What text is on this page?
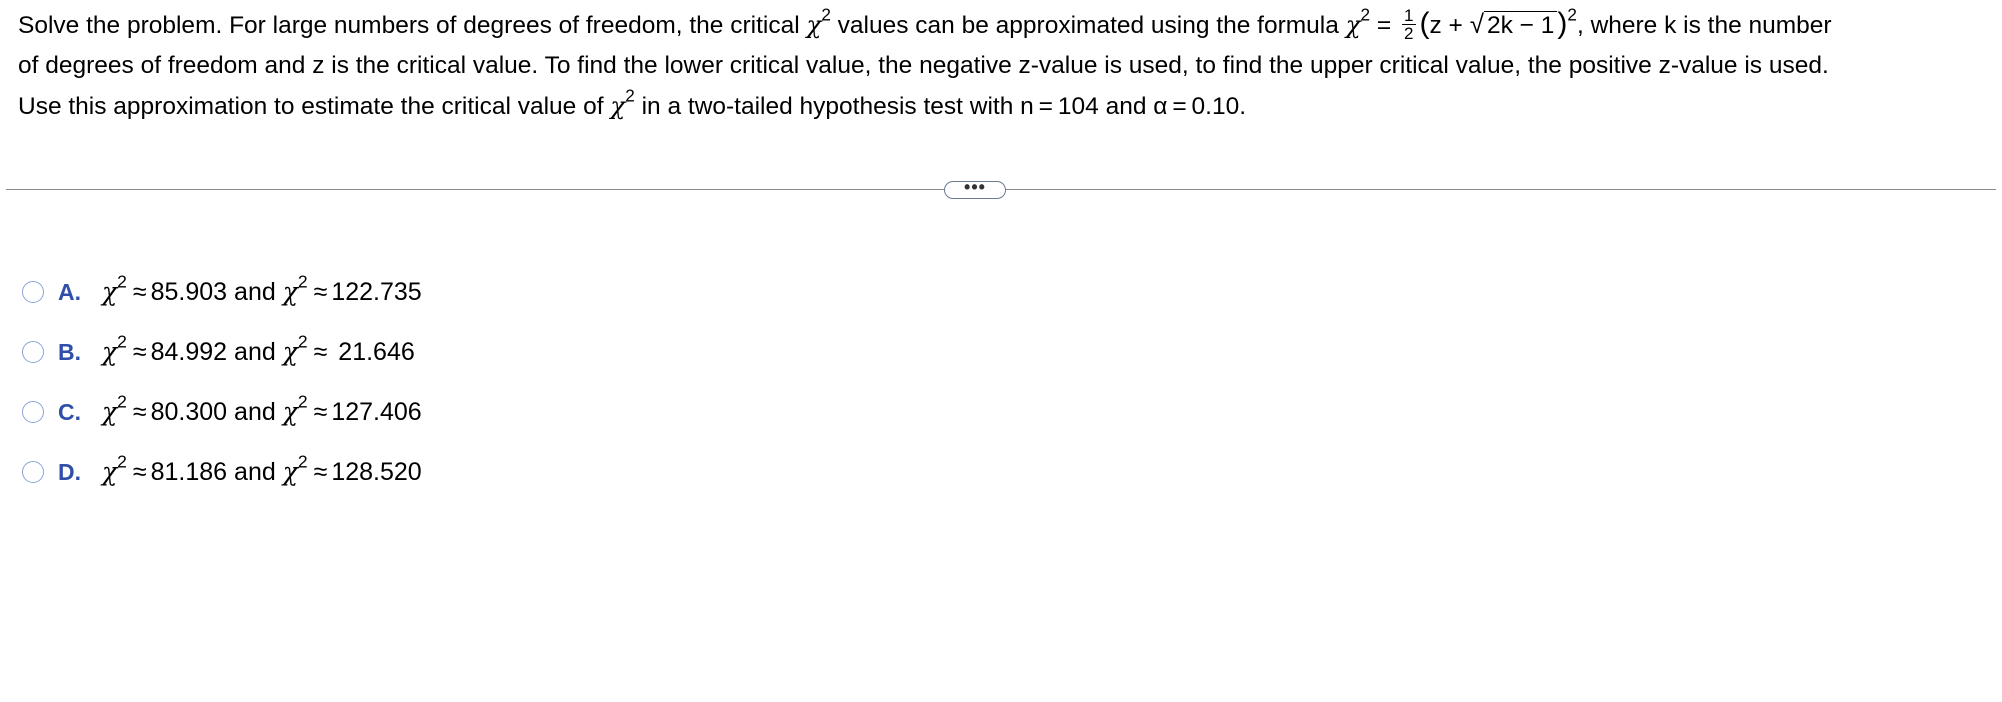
Solve the problem. For large numbers of degrees of freedom, the critical $\chi^2$ values can be approximated using the formula $\chi^2 = \frac{1}{2} (z$ + √ 2k − 1 )$^2$, where k is the number
of degrees of freedom and z is the critical value. To find the lower critical value, the negative z-value is used, to find the upper critical value, the positive z-value is used.
Use this approximation to estimate the critical value of $\chi^2$ in a two-tailed hypothesis test with n = 104 and α = 0.10.
•••
A. $\chi^2 \approx 85.903$ and $\chi^2 \approx 122.735$
B. $\chi^2 \approx 84.992$ and $\chi^2 \approx 21.646$
C. $\chi^2 \approx 80.300$ and $\chi^2 \approx 127.406$
D. $\chi^2 \approx 81.186$ and $\chi^2 \approx 128.520$
